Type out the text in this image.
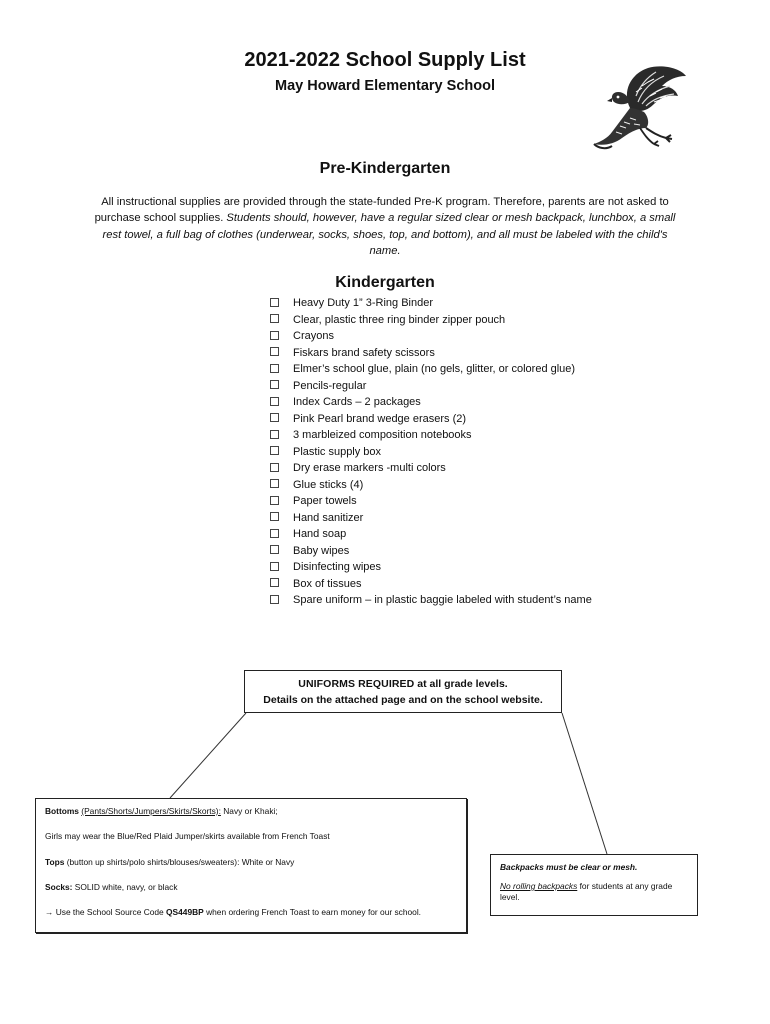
2021-2022 School Supply List
May Howard Elementary School
Pre-Kindergarten
All instructional supplies are provided through the state-funded Pre-K program. Therefore, parents are not asked to purchase school supplies. Students should, however, have a regular sized clear or mesh backpack, lunchbox, a small rest towel, a full bag of clothes (underwear, socks, shoes, top, and bottom), and all must be labeled with the child's name.
Kindergarten
Heavy Duty 1” 3-Ring Binder
Clear, plastic three ring binder zipper pouch
Crayons
Fiskars brand safety scissors
Elmer’s school glue, plain (no gels, glitter, or colored glue)
Pencils-regular
Index Cards – 2 packages
Pink Pearl brand wedge erasers (2)
3 marbleized composition notebooks
Plastic supply box
Dry erase markers -multi colors
Glue sticks (4)
Paper towels
Hand sanitizer
Hand soap
Baby wipes
Disinfecting wipes
Box of tissues
Spare uniform – in plastic baggie labeled with student’s name
UNIFORMS REQUIRED at all grade levels.
Details on the attached page and on the school website.

Bottoms (Pants/Shorts/Jumpers/Skirts/Skorts): Navy or Khaki;

Girls may wear the Blue/Red Plaid Jumper/skirts available from French Toast

Tops (button up shirts/polo shirts/blouses/sweaters): White or Navy

Socks: SOLID white, navy, or black

→ Use the School Source Code QS449BP when ordering French Toast to earn money for our school.

Backpacks must be clear or mesh.

No rolling backpacks for students at any grade level.
